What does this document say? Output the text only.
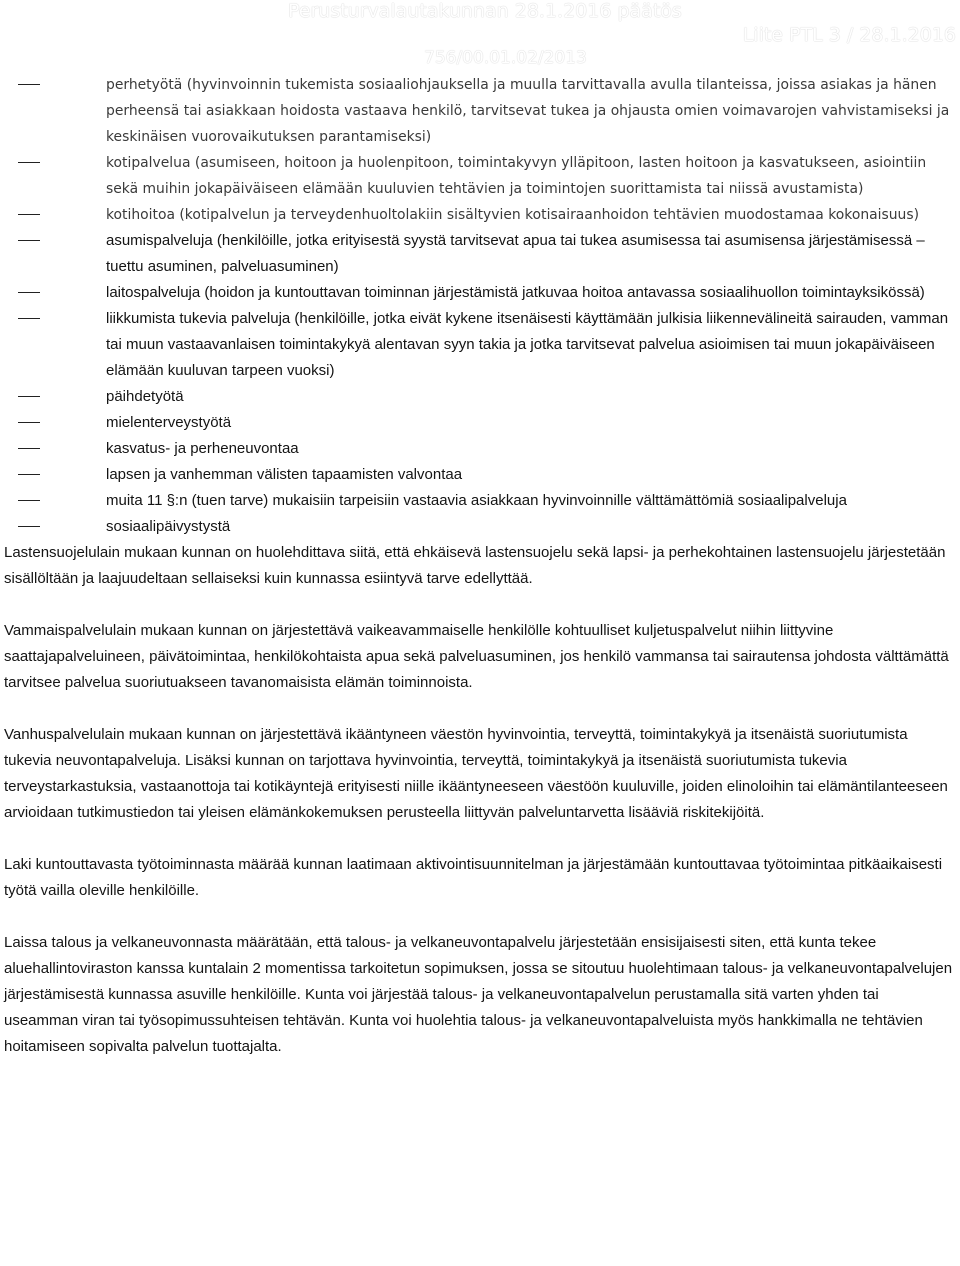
Perusturvalautakunnan 28.1.2016 päätös
Liite PTL 3 / 28.1.2016
756/00.01.02/2013
perhetyötä (hyvinvoinnin tukemista sosiaaliohjauksella ja muulla tarvittavalla avulla tilanteissa, joissa asiakas ja hänen perheensä tai asiakkaan hoidosta vastaava henkilö, tarvitsevat tukea ja ohjausta omien voimavarojen vahvistamiseksi ja keskinäisen vuorovaikutuksen parantamiseksi)
kotipalvelua (asumiseen, hoitoon ja huolenpitoon, toimintakyvyn ylläpitoon, lasten hoitoon ja kasvatukseen, asiointiin sekä muihin jokapäiväiseen elämään kuuluvien tehtävien ja toimintojen suorittamista tai niissä avustamista)
kotihoitoa (kotipalvelun ja terveydenhuoltolakiin sisältyvien kotisairaanhoidon tehtävien muodostamaa kokonaisuus)
asumispalveluja (henkilöille, jotka erityisestä syystä tarvitsevat apua tai tukea asumisessa tai asumisensa järjestämisessä – tuettu asuminen, palveluasuminen)
laitospalveluja (hoidon ja kuntouttavan toiminnan järjestämistä jatkuvaa hoitoa antavassa sosiaalihuollon toimintayksikössä)
liikkumista tukevia palveluja (henkilöille, jotka eivät kykene itsenäisesti käyttämään julkisia liikennevälineitä sairauden, vamman tai muun vastaavanlaisen toimintakykyä alentavan syyn takia ja jotka tarvitsevat palvelua asioimisen tai muun jokapäiväiseen elämään kuuluvan tarpeen vuoksi)
päihdetyötä
mielenterveystyötä
kasvatus- ja perheneuvontaa
lapsen ja vanhemman välisten tapaamisten valvontaa
muita 11 §:n (tuen tarve) mukaisiin tarpeisiin vastaavia asiakkaan hyvinvoinnille välttämättömiä sosiaalipalveluja
sosiaalipäivystystä

Lastensuojelulain mukaan kunnan on huolehdittava siitä, että ehkäisevä lastensuojelu sekä lapsi- ja perhekohtainen lastensuojelu järjestetään sisällöltään ja laajuudeltaan sellaiseksi kuin kunnassa esiintyvä tarve edellyttää.

Vammaispalvelulain mukaan kunnan on järjestettävä vaikeavammaiselle henkilölle kohtuulliset kuljetuspalvelut niihin liittyvine saattajapalveluineen, päivätoimintaa, henkilökohtaista apua sekä palveluasuminen, jos henkilö vammansa tai sairautensa johdosta välttämättä tarvitsee palvelua suoriutuakseen tavanomaisista elämän toiminnoista.

Vanhuspalvelulain mukaan kunnan on järjestettävä ikääntyneen väestön hyvinvointia, terveyttä, toimintakykyä ja itsenäistä suoriutumista tukevia neuvontapalveluja. Lisäksi kunnan on tarjottava hyvinvointia, terveyttä, toimintakykyä ja itsenäistä suoriutumista tukevia terveystarkastuksia, vastaanottoja tai kotikäyntejä erityisesti niille ikääntyneeseen väestöön kuuluville, joiden elinoloihin tai elämäntilanteeseen arvioidaan tutkimustiedon tai yleisen elämänkokemuksen perusteella liittyvän palveluntarvetta lisääviä riskitekijöitä.

Laki kuntouttavasta työtoiminnasta määrää kunnan laatimaan aktivointisuunnitelman ja järjestämään kuntouttavaa työtoimintaa pitkäaikaisesti työtä vailla oleville henkilöille.

Laissa talous ja velkaneuvonnasta määrätään, että talous- ja velkaneuvontapalvelu järjestetään ensisijaisesti siten, että kunta tekee aluehallintoviraston kanssa kuntalain 2 momentissa tarkoitetun sopimuksen, jossa se sitoutuu huolehtimaan talous- ja velkaneuvontapalvelujen järjestämisestä kunnassa asuville henkilöille. Kunta voi järjestää talous- ja velkaneuvontapalvelun perustamalla sitä varten yhden tai useamman viran tai työsopimussuhteisen tehtävän. Kunta voi huolehtia talous- ja velkaneuvontapalveluista myös hankkimalla ne tehtävien hoitamiseen sopivalta palvelun tuottajalta.
